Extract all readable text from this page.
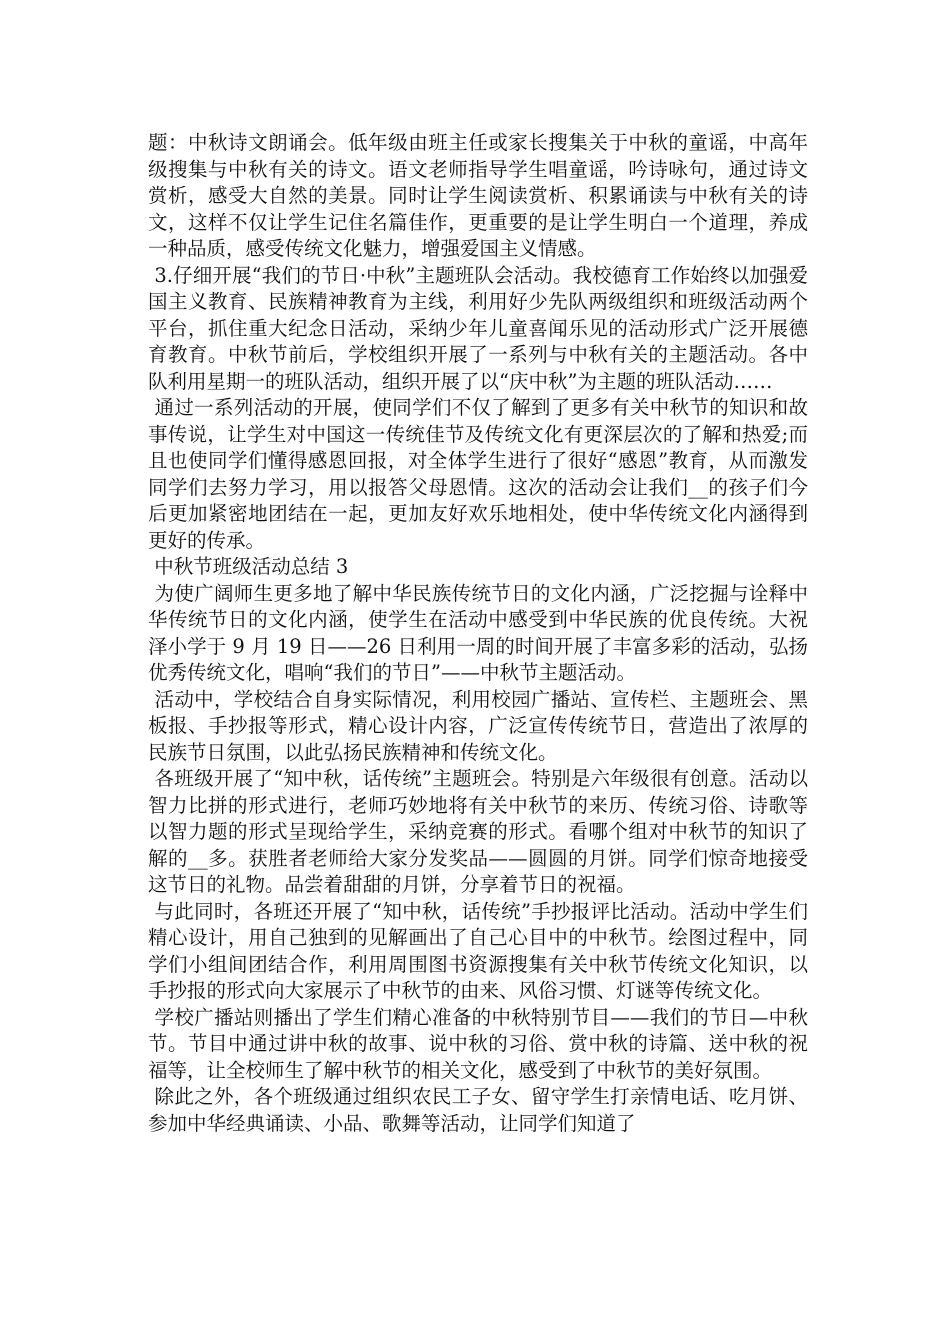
题：中秋诗文朗诵会。低年级由班主任或家长搜集关于中秋的童谣，中高年级搜集与中秋有关的诗文。语文老师指导学生唱童谣，吟诗咏句，通过诗文赏析，感受大自然的美景。同时让学生阅读赏析、积累诵读与中秋有关的诗文，这样不仅让学生记住名篇佳作，更重要的是让学生明白一个道理，养成一种品质，感受传统文化魅力，增强爱国主义情感。

3.仔细开展“我们的节日·中秋”主题班队会活动。我校德育工作始终以加强爱国主义教育、民族精神教育为主线，利用好少先队两级组织和班级活动两个平台，抓住重大纪念日活动，采纳少年儿童喜闻乐见的活动形式广泛开展德育教育。中秋节前后，学校组织开展了一系列与中秋有关的主题活动。各中队利用星期一的班队活动，组织开展了以“庆中秋”为主题的班队活动……

通过一系列活动的开展，使同学们不仅了解到了更多有关中秋节的知识和故事传说，让学生对中国这一传统佳节及传统文化有更深层次的了解和热爱;而且也使同学们懂得感恩回报，对全体学生进行了很好“感恩”教育，从而激发同学们去努力学习，用以报答父母恩情。这次的活动会让我们__的孩子们今后更加紧密地团结在一起，更加友好欢乐地相处，使中华传统文化内涵得到更好的传承。

中秋节班级活动总结 3

为使广阔师生更多地了解中华民族传统节日的文化内涵，广泛挖掘与诠释中华传统节日的文化内涵，使学生在活动中感受到中华民族的优良传统。大祝泽小学于 9 月 19 日——26 日利用一周的时间开展了丰富多彩的活动，弘扬优秀传统文化，唱响“我们的节日”——中秋节主题活动。

活动中，学校结合自身实际情况，利用校园广播站、宣传栏、主题班会、黑板报、手抄报等形式，精心设计内容，广泛宣传传统节日，营造出了浓厚的民族节日氛围，以此弘扬民族精神和传统文化。

各班级开展了“知中秋，话传统”主题班会。特别是六年级很有创意。活动以智力比拼的形式进行，老师巧妙地将有关中秋节的来历、传统习俗、诗歌等以智力题的形式呈现给学生，采纳竞赛的形式。看哪个组对中秋节的知识了解的__多。获胜者老师给大家分发奖品——圆圆的月饼。同学们惊奇地接受这节日的礼物。品尝着甜甜的月饼，分享着节日的祝福。

与此同时，各班还开展了“知中秋，话传统”手抄报评比活动。活动中学生们精心设计，用自己独到的见解画出了自己心目中的中秋节。绘图过程中，同学们小组间团结合作，利用周围图书资源搜集有关中秋节传统文化知识，以手抄报的形式向大家展示了中秋节的由来、风俗习惯、灯谜等传统文化。

学校广播站则播出了学生们精心准备的中秋特别节目——我们的节日—中秋节。节目中通过讲中秋的故事、说中秋的习俗、赏中秋的诗篇、送中秋的祝福等，让全校师生了解中秋节的相关文化，感受到了中秋节的美好氛围。

除此之外，各个班级通过组织农民工子女、留守学生打亲情电话、吃月饼、参加中华经典诵读、小品、歌舞等活动，让同学们知道了
